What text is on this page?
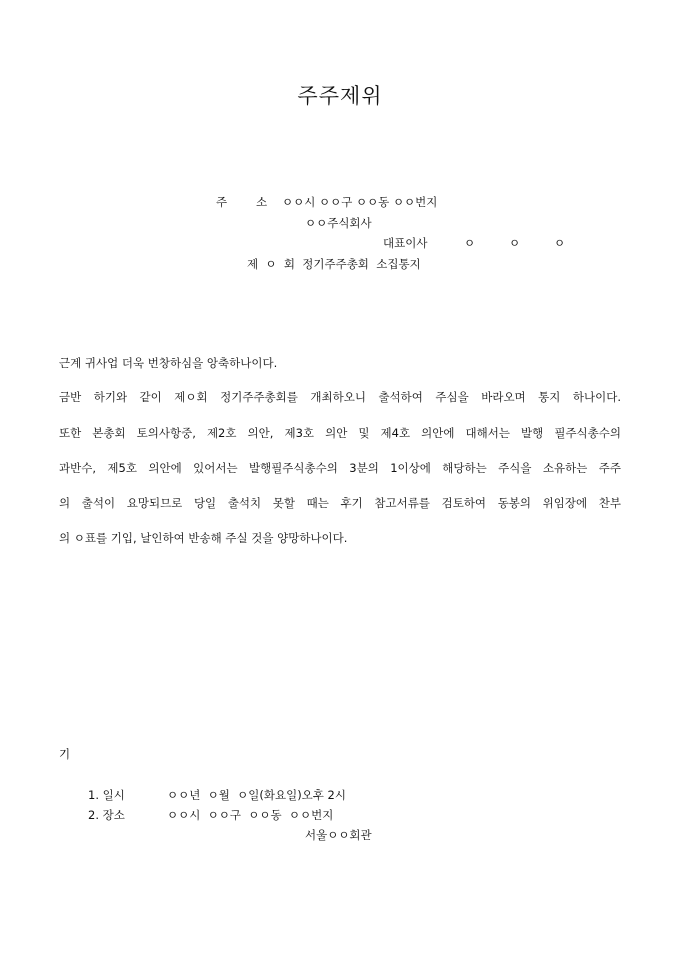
주주제위
주	소 ㅇㅇ시 ㅇㅇ구 ㅇㅇ동 ㅇㅇ번지
ㅇㅇ주식회사
대표이사	ㅇ	ㅇ	ㅇ
제  ㅇ  회  정기주주총회  소집통지
근계 귀사업 더욱 번창하심을 앙축하나이다.
금반 하기와 같이 제ㅇ회 정기주주총회를 개최하오니 출석하여 주심을 바라오며 통지 하나이다.
또한 본총회 토의사항중, 제2호 의안, 제3호 의안 및 제4호 의안에 대해서는 발행 필주식총수의
과반수, 제5호 의안에 있어서는 발행필주식총수의 3분의 1이상에 해당하는 주식을 소유하는 주주
의 출석이 요망되므로 당일 출석치 못할 때는 후기 참고서류를 검토하여 동봉의 위임장에 찬부
의 ㅇ표를 기입, 날인하여 반송해 주실 것을 양망하나이다.
기
1. 일시	ㅇㅇ년  ㅇ월  ㅇ일(화요일)오후 2시
2. 장소	ㅇㅇ시  ㅇㅇ구  ㅇㅇ동  ㅇㅇ번지
서울ㅇㅇ회관
